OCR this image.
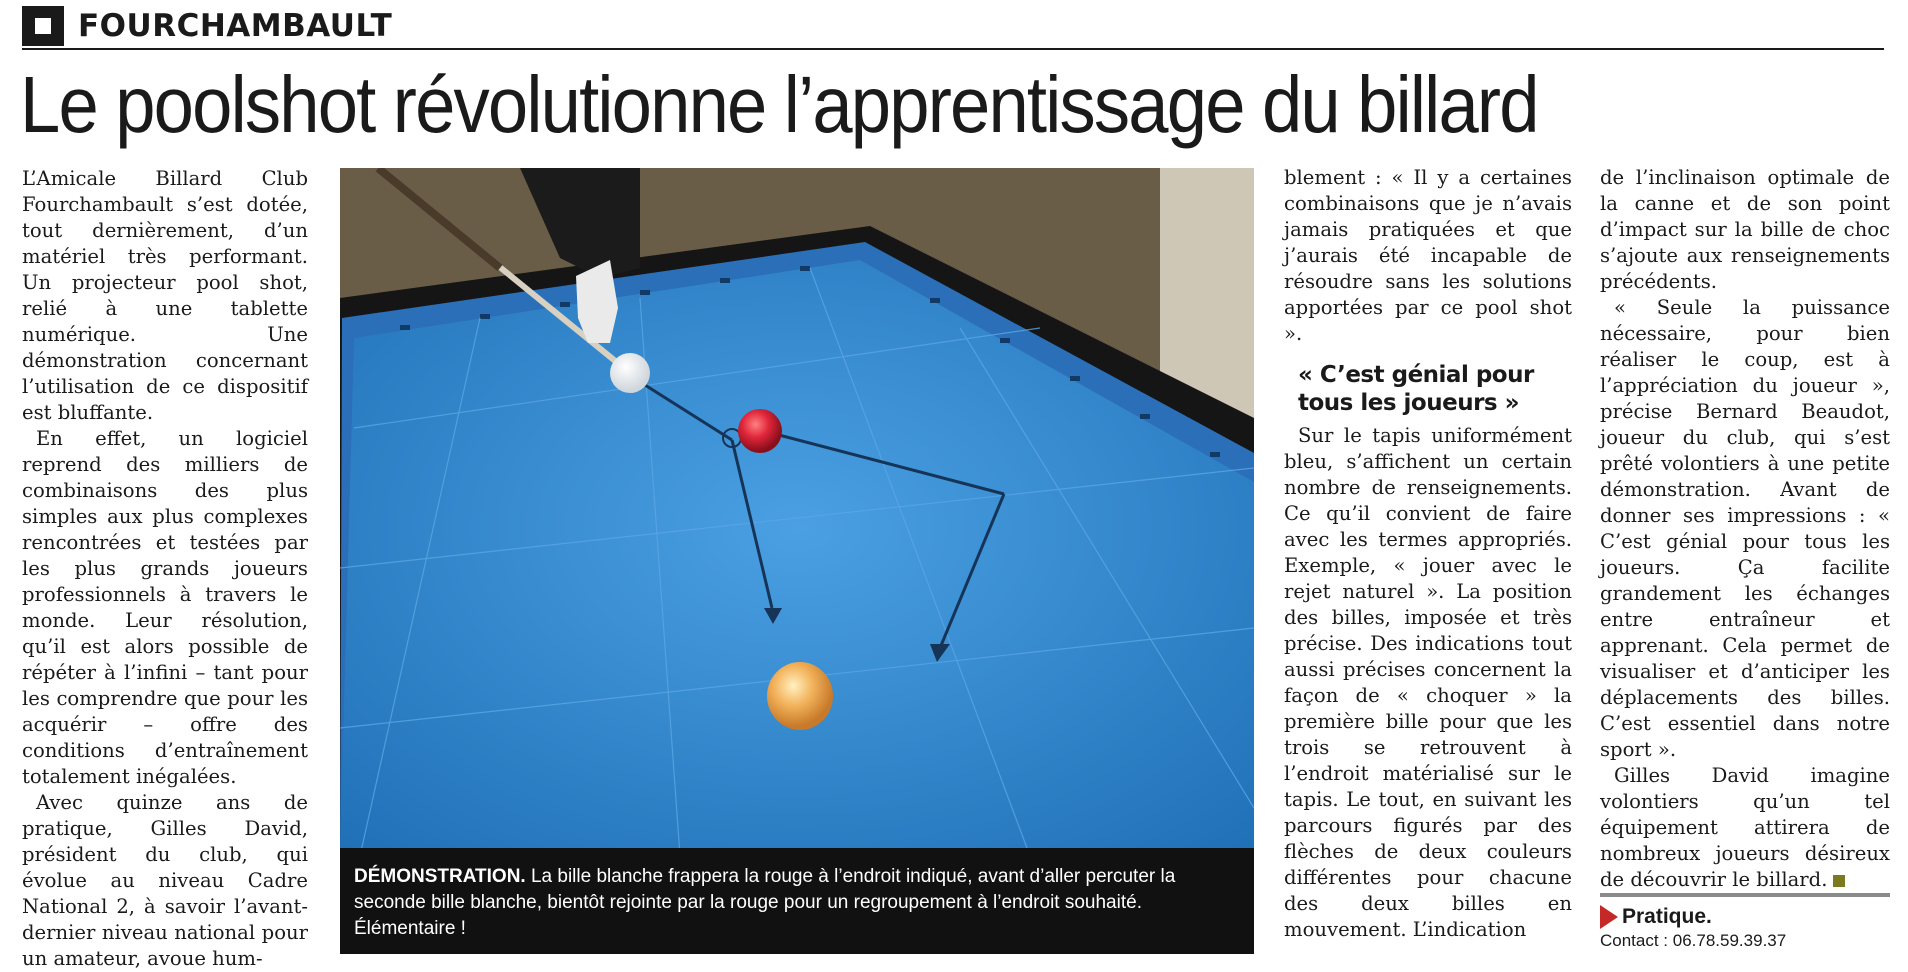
FOURCHAMBAULT
Le poolshot révolutionne l’apprentissage du billard

L’Amicale Billard Club Fourchambault s’est dotée, tout dernièrement, d’un matériel très performant. Un projecteur pool shot, relié à une tablette numérique. Une démonstration concernant l’utilisation de ce dispositif est bluffante.

En effet, un logiciel reprend des milliers de combinaisons des plus simples aux plus complexes rencontrées et testées par les plus grands joueurs professionnels à travers le monde. Leur résolution, qu’il est alors possible de répéter à l’infini – tant pour les comprendre que pour les acquérir – offre des conditions d’entraînement totalement inégalées.

Avec quinze ans de pratique, Gilles David, président du club, qui évolue au niveau Cadre National 2, à savoir l’avant-dernier niveau national pour un amateur, avoue hum-

DÉMONSTRATION. La bille blanche frappera la rouge à l’endroit indiqué, avant d’aller percuter la seconde bille blanche, bientôt rejointe par la rouge pour un regroupement à l’endroit souhaité. Élémentaire !

blement : « Il y a certaines combinaisons que je n’avais jamais pratiquées et que j’aurais été incapable de résoudre sans les solutions apportées par ce pool shot ».

« C’est génial pour tous les joueurs »

Sur le tapis uniformément bleu, s’affichent un certain nombre de renseignements. Ce qu’il convient de faire avec les termes appropriés. Exemple, « jouer avec le rejet naturel ». La position des billes, imposée et très précise. Des indications tout aussi précises concernent la façon de « choquer » la première bille pour que les trois se retrouvent à l’endroit matérialisé sur le tapis. Le tout, en suivant les parcours figurés par des flèches de deux couleurs différentes pour chacune des deux billes en mouvement. L’indication

de l’inclinaison optimale de la canne et de son point d’impact sur la bille de choc s’ajoute aux renseignements précédents.

« Seule la puissance nécessaire, pour bien réaliser le coup, est à l’appréciation du joueur », précise Bernard Beaudot, joueur du club, qui s’est prêté volontiers à une petite démonstration. Avant de donner ses impressions : « C’est génial pour tous les joueurs. Ça facilite grandement les échanges entre entraîneur et apprenant. Cela permet de visualiser et d’anticiper les déplacements des billes. C’est essentiel dans notre sport ».

Gilles David imagine volontiers qu’un tel équipement attirera de nombreux joueurs désireux de découvrir le billard.

Pratique.
Contact : 06.78.59.39.37
